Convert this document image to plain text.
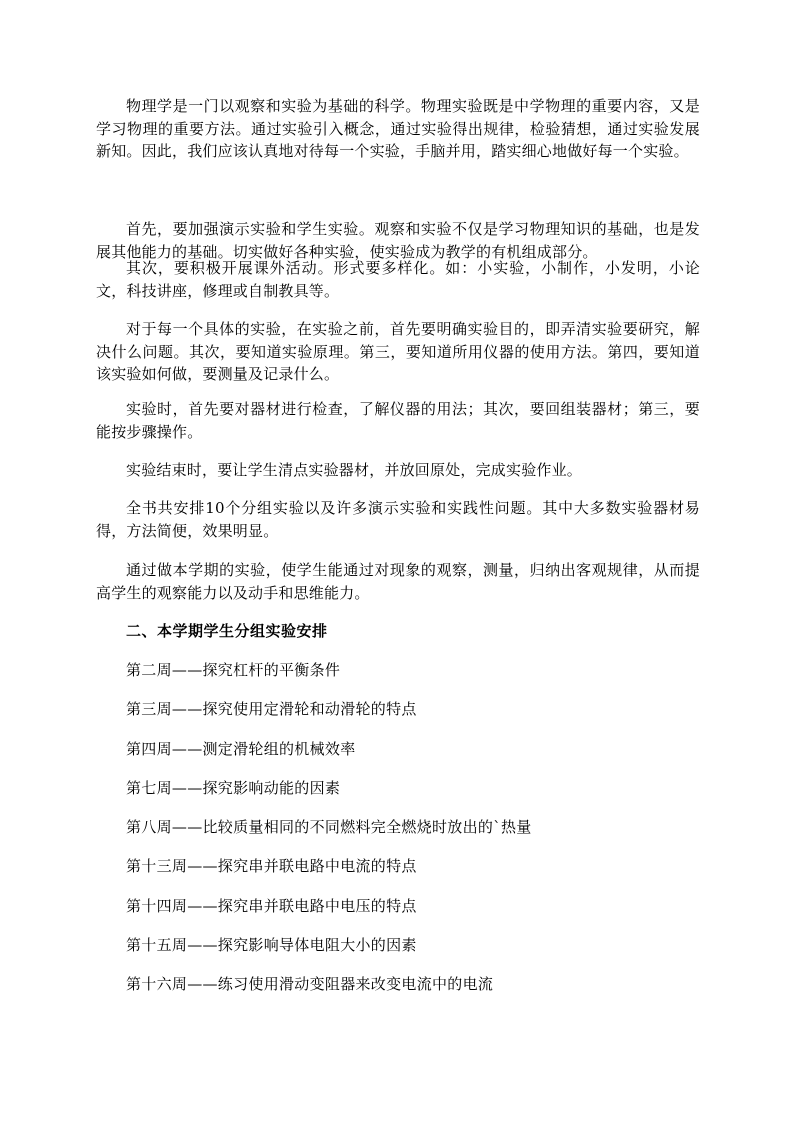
物理学是一门以观察和实验为基础的科学。物理实验既是中学物理的重要内容，又是学习物理的重要方法。通过实验引入概念，通过实验得出规律，检验猜想，通过实验发展新知。因此，我们应该认真地对待每一个实验，手脑并用，踏实细心地做好每一个实验。

首先，要加强演示实验和学生实验。观察和实验不仅是学习物理知识的基础，也是发展其他能力的基础。切实做好各种实验，使实验成为教学的有机组成部分。

其次，要积极开展课外活动。形式要多样化。如：小实验，小制作，小发明，小论文，科技讲座，修理或自制教具等。

对于每一个具体的实验，在实验之前，首先要明确实验目的，即弄清实验要研究，解决什么问题。其次，要知道实验原理。第三，要知道所用仪器的使用方法。第四，要知道该实验如何做，要测量及记录什么。

实验时，首先要对器材进行检查，了解仪器的用法；其次，要回组装器材；第三，要能按步骤操作。

实验结束时，要让学生清点实验器材，并放回原处，完成实验作业。

全书共安排10个分组实验以及许多演示实验和实践性问题。其中大多数实验器材易得，方法简便，效果明显。

通过做本学期的实验，使学生能通过对现象的观察，测量，归纳出客观规律，从而提高学生的观察能力以及动手和思维能力。

二、本学期学生分组实验安排
第二周——探究杠杆的平衡条件
第三周——探究使用定滑轮和动滑轮的特点
第四周——测定滑轮组的机械效率
第七周——探究影响动能的因素
第八周——比较质量相同的不同燃料完全燃烧时放出的`热量
第十三周——探究串并联电路中电流的特点
第十四周——探究串并联电路中电压的特点
第十五周——探究影响导体电阻大小的因素
第十六周——练习使用滑动变阻器来改变电流中的电流
